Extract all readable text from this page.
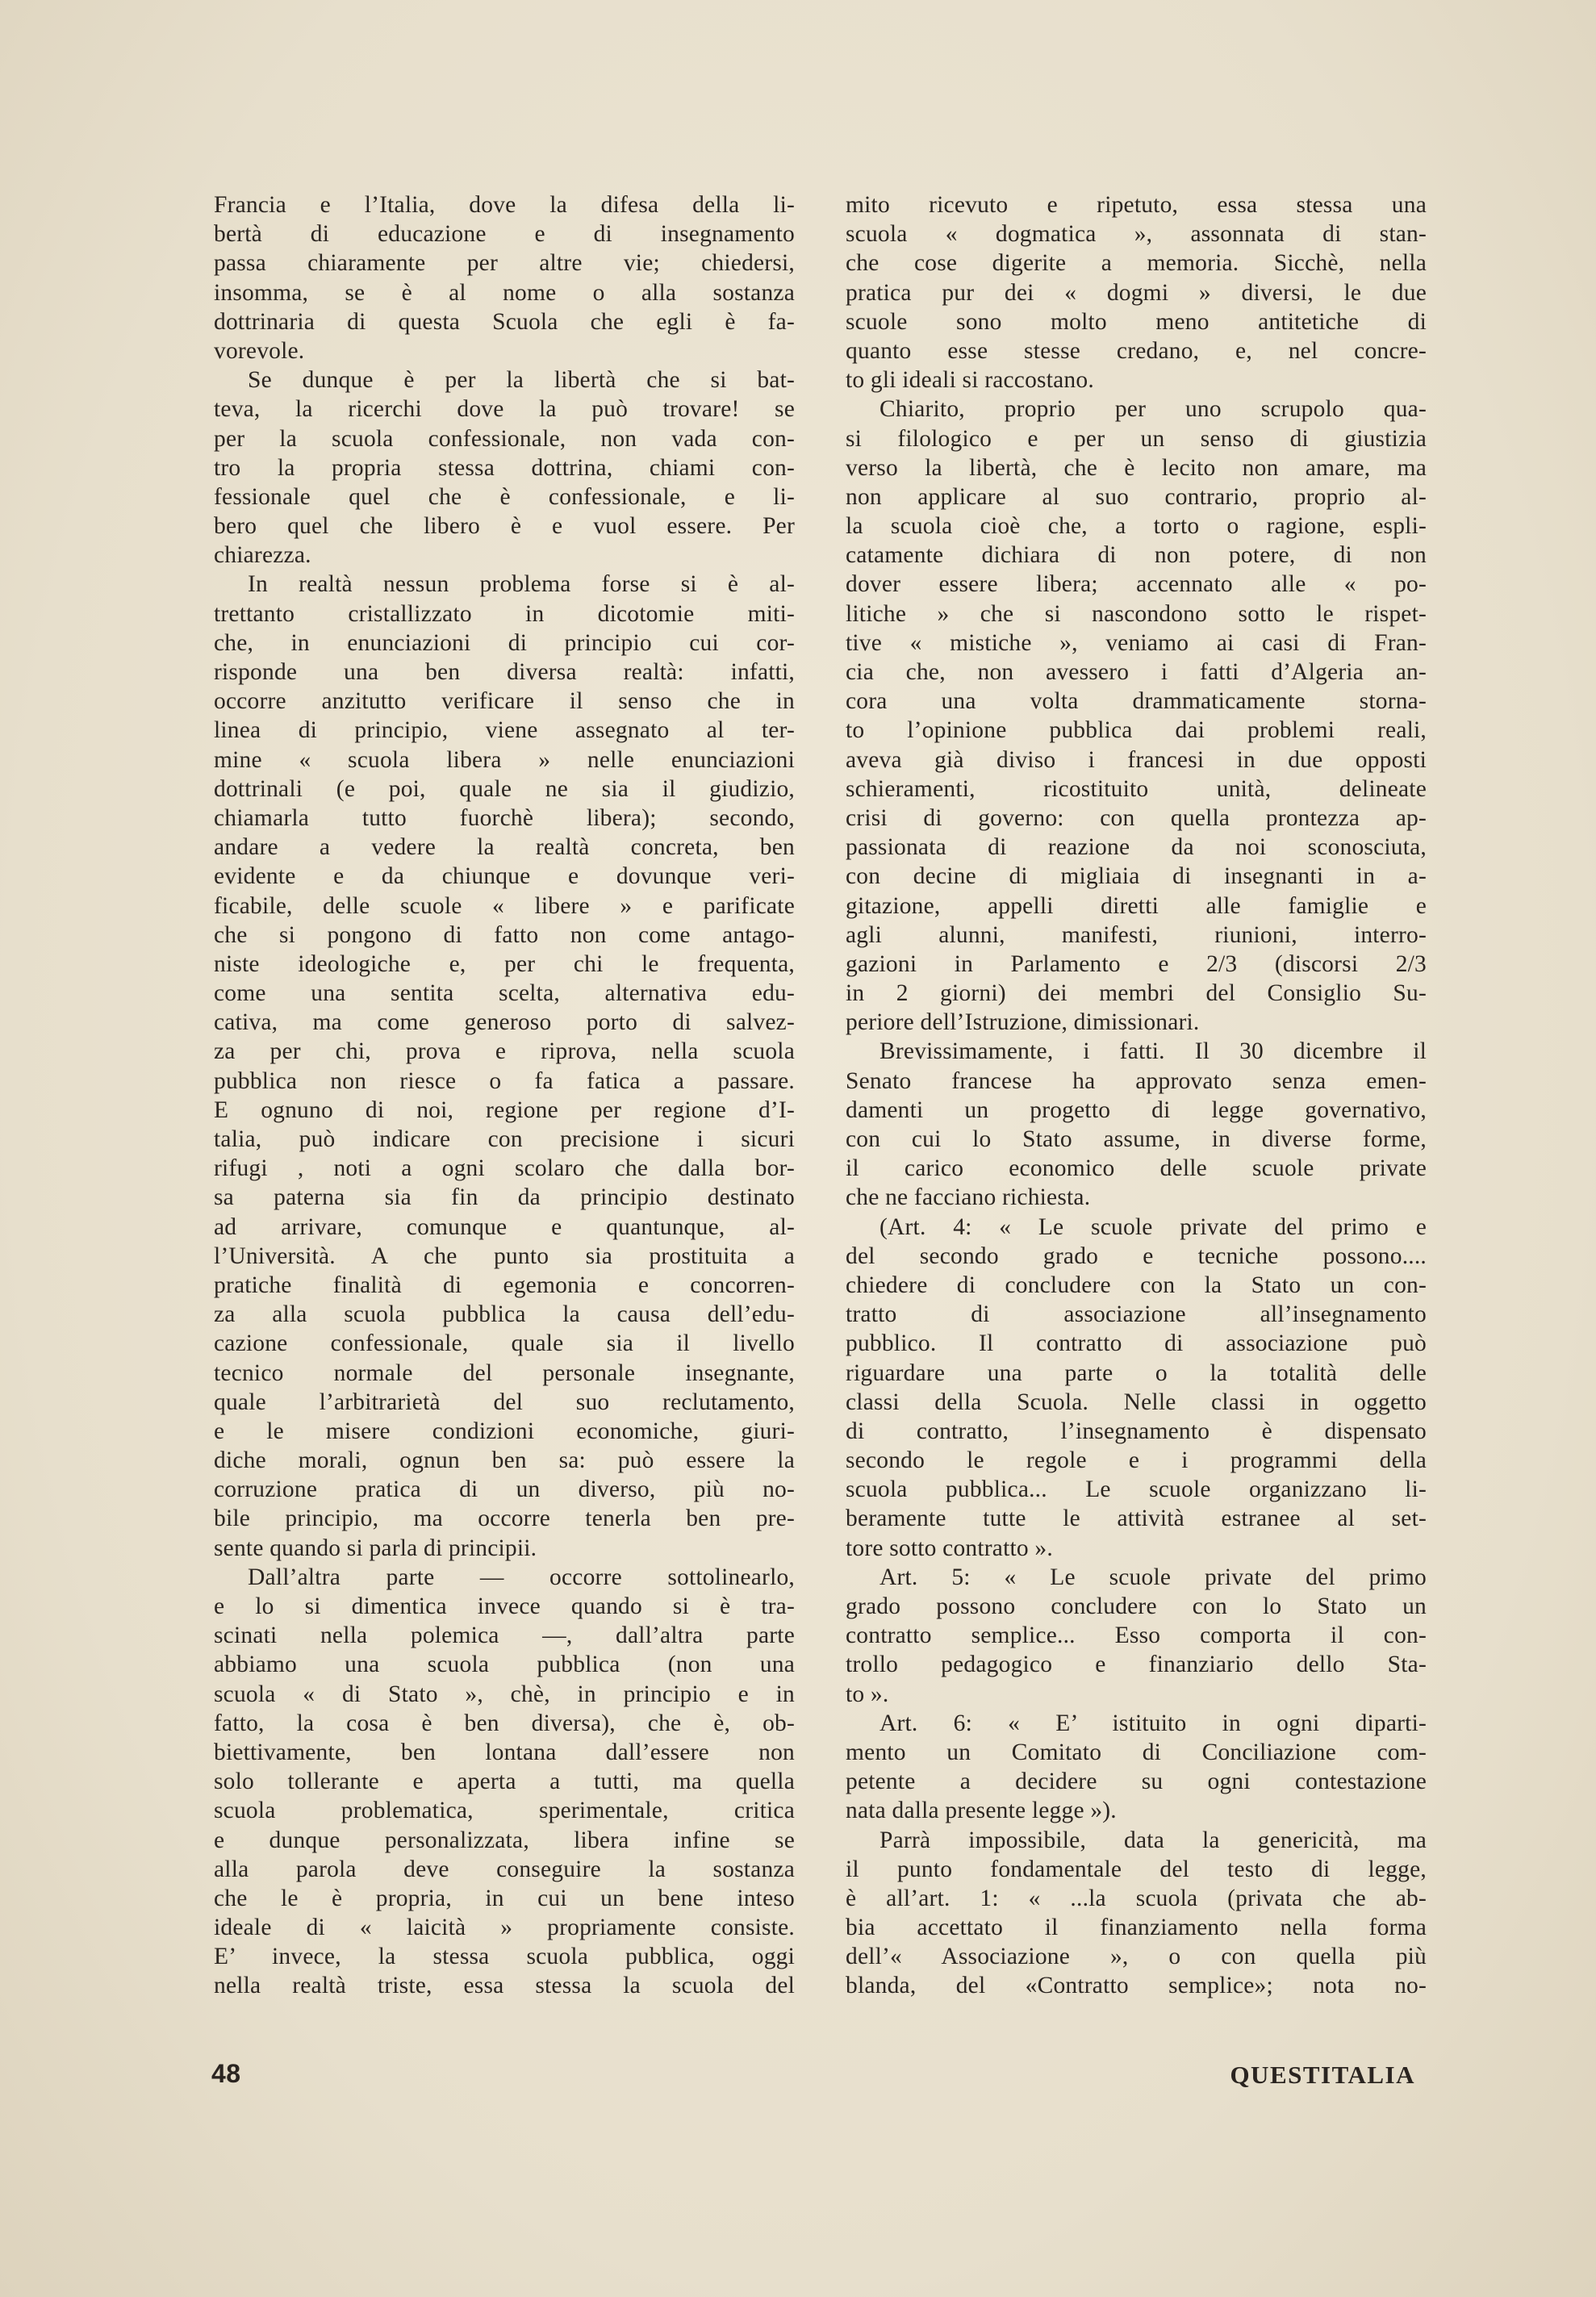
Francia e l’Italia, dove la difesa della li-
bertà di educazione e di insegnamento
passa chiaramente per altre vie; chiedersi,
insomma, se è al nome o alla sostanza
dottrinaria di questa Scuola che egli è fa-
vorevole.
Se dunque è per la libertà che si bat-
teva, la ricerchi dove la può trovare! se
per la scuola confessionale, non vada con-
tro la propria stessa dottrina, chiami con-
fessionale quel che è confessionale, e li-
bero quel che libero è e vuol essere. Per
chiarezza.
In realtà nessun problema forse si è al-
trettanto cristallizzato in dicotomie miti-
che, in enunciazioni di principio cui cor-
risponde una ben diversa realtà: infatti,
occorre anzitutto verificare il senso che in
linea di principio, viene assegnato al ter-
mine « scuola libera » nelle enunciazioni
dottrinali (e poi, quale ne sia il giudizio,
chiamarla tutto fuorchè libera); secondo,
andare a vedere la realtà concreta, ben
evidente e da chiunque e dovunque veri-
ficabile, delle scuole « libere » e parificate
che si pongono di fatto non come antago-
niste ideologiche e, per chi le frequenta,
come una sentita scelta, alternativa edu-
cativa, ma come generoso porto di salvez-
za per chi, prova e riprova, nella scuola
pubblica non riesce o fa fatica a passare.
E ognuno di noi, regione per regione d’I-
talia, può indicare con precisione i sicuri
rifugi , noti a ogni scolaro che dalla bor-
sa paterna sia fin da principio destinato
ad arrivare, comunque e quantunque, al-
l’Università. A che punto sia prostituita a
pratiche finalità di egemonia e concorren-
za alla scuola pubblica la causa dell’edu-
cazione confessionale, quale sia il livello
tecnico normale del personale insegnante,
quale l’arbitrarietà del suo reclutamento,
e le misere condizioni economiche, giuri-
diche morali, ognun ben sa: può essere la
corruzione pratica di un diverso, più no-
bile principio, ma occorre tenerla ben pre-
sente quando si parla di principii.
Dall’altra parte — occorre sottolinearlo,
e lo si dimentica invece quando si è tra-
scinati nella polemica —, dall’altra parte
abbiamo una scuola pubblica (non una
scuola « di Stato », chè, in principio e in
fatto, la cosa è ben diversa), che è, ob-
biettivamente, ben lontana dall’essere non
solo tollerante e aperta a tutti, ma quella
scuola problematica, sperimentale, critica
e dunque personalizzata, libera infine se
alla parola deve conseguire la sostanza
che le è propria, in cui un bene inteso
ideale di « laicità » propriamente consiste.
E’ invece, la stessa scuola pubblica, oggi
nella realtà triste, essa stessa la scuola del
mito ricevuto e ripetuto, essa stessa una
scuola « dogmatica », assonnata di stan-
che cose digerite a memoria. Sicchè, nella
pratica pur dei « dogmi » diversi, le due
scuole sono molto meno antitetiche di
quanto esse stesse credano, e, nel concre-
to gli ideali si raccostano.
Chiarito, proprio per uno scrupolo qua-
si filologico e per un senso di giustizia
verso la libertà, che è lecito non amare, ma
non applicare al suo contrario, proprio al-
la scuola cioè che, a torto o ragione, espli-
catamente dichiara di non potere, di non
dover essere libera; accennato alle « po-
litiche » che si nascondono sotto le rispet-
tive « mistiche », veniamo ai casi di Fran-
cia che, non avessero i fatti d’Algeria an-
cora una volta drammaticamente storna-
to l’opinione pubblica dai problemi reali,
aveva già diviso i francesi in due opposti
schieramenti, ricostituito unità, delineate
crisi di governo: con quella prontezza ap-
passionata di reazione da noi sconosciuta,
con decine di migliaia di insegnanti in a-
gitazione, appelli diretti alle famiglie e
agli alunni, manifesti, riunioni, interro-
gazioni in Parlamento e 2/3 (discorsi 2/3
in 2 giorni) dei membri del Consiglio Su-
periore dell’Istruzione, dimissionari.
Brevissimamente, i fatti. Il 30 dicembre il
Senato francese ha approvato senza emen-
damenti un progetto di legge governativo,
con cui lo Stato assume, in diverse forme,
il carico economico delle scuole private
che ne facciano richiesta.
(Art. 4: « Le scuole private del primo e
del secondo grado e tecniche possono....
chiedere di concludere con la Stato un con-
tratto di associazione all’insegnamento
pubblico. Il contratto di associazione può
riguardare una parte o la totalità delle
classi della Scuola. Nelle classi in oggetto
di contratto, l’insegnamento è dispensato
secondo le regole e i programmi della
scuola pubblica... Le scuole organizzano li-
beramente tutte le attività estranee al set-
tore sotto contratto ».
Art. 5: « Le scuole private del primo
grado possono concludere con lo Stato un
contratto semplice... Esso comporta il con-
trollo pedagogico e finanziario dello Sta-
to ».
Art. 6: « E’ istituito in ogni diparti-
mento un Comitato di Conciliazione com-
petente a decidere su ogni contestazione
nata dalla presente legge »).
Parrà impossibile, data la genericità, ma
il punto fondamentale del testo di legge,
è all’art. 1: « ...la scuola (privata che ab-
bia accettato il finanziamento nella forma
dell’« Associazione », o con quella più
blanda, del «Contratto semplice»; nota no-
48	QUESTITALIA
